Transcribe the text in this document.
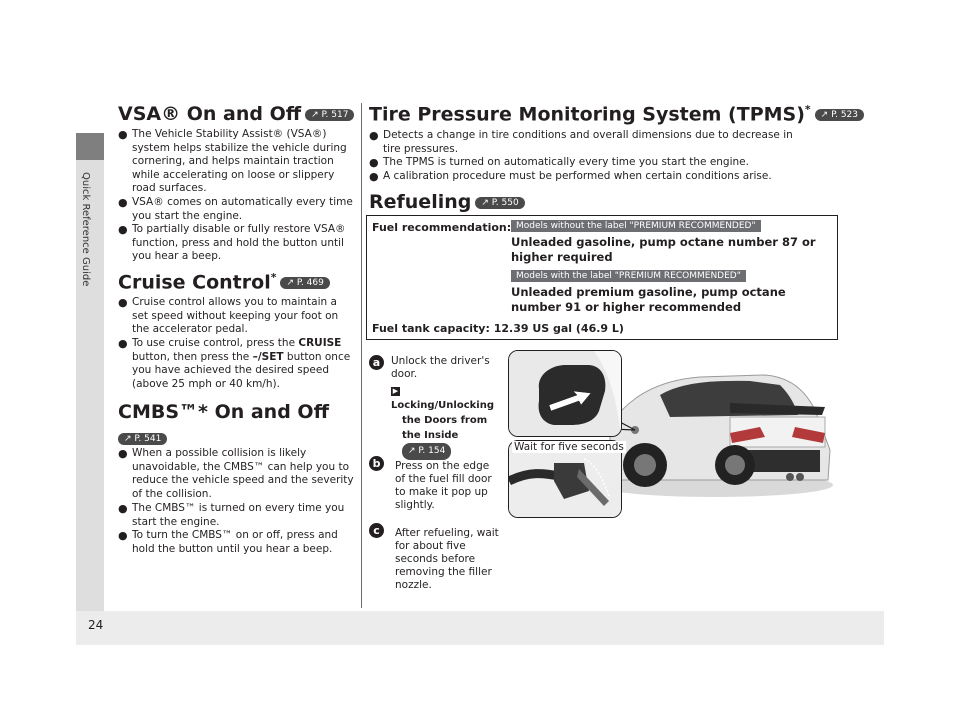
Quick Reference Guide
24
VSA® On and Off ↗ P. 517
● The Vehicle Stability Assist® (VSA®) system helps stabilize the vehicle during cornering, and helps maintain traction while accelerating on loose or slippery road surfaces.
● VSA® comes on automatically every time you start the engine.
● To partially disable or fully restore VSA® function, press and hold the button until you hear a beep.
Cruise Control* ↗ P. 469
● Cruise control allows you to maintain a set speed without keeping your foot on the accelerator pedal.
● To use cruise control, press the CRUISE button, then press the –/SET button once you have achieved the desired speed (above 25 mph or 40 km/h).
CMBS™* On and Off
↗ P. 541
● When a possible collision is likely unavoidable, the CMBS™ can help you to reduce the vehicle speed and the severity of the collision.
● The CMBS™ is turned on every time you start the engine.
● To turn the CMBS™ on or off, press and hold the button until you hear a beep.
Tire Pressure Monitoring System (TPMS)* ↗ P. 523
● Detects a change in tire conditions and overall dimensions due to decrease in tire pressures.
● The TPMS is turned on automatically every time you start the engine.
● A calibration procedure must be performed when certain conditions arise.
Refueling ↗ P. 550
Fuel recommendation: Models without the label "PREMIUM RECOMMENDED"
Unleaded gasoline, pump octane number 87 or higher required
Models with the label "PREMIUM RECOMMENDED"
Unleaded premium gasoline, pump octane number 91 or higher recommended
Fuel tank capacity: 12.39 US gal (46.9 L)
a	Unlock the driver's door.
▶Locking/Unlocking
the Doors from
the Inside
↗ P. 154
b	Press on the edge of the fuel fill door to make it pop up slightly.
c	After refueling, wait for about five seconds before removing the filler nozzle.
Wait for five seconds
